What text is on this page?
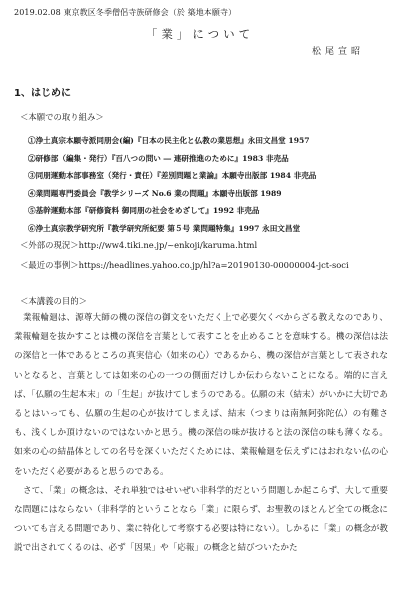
2019.02.08 東京教区冬季僧侶寺族研修会（於 築地本願寺）
「業」について
松尾宣昭
1、はじめに
＜本願での取り組み＞
①浄土真宗本願寺派同朋会(編)『日本の民主化と仏教の業思想』永田文昌堂 1957
②研修部（編集・発行）『百八つの問い ― 連研推進のために』1983 非売品
③同朋運動本部事務室（発行・責任）『差別問題と業論』本願寺出版部 1984 非売品
④業問題専門委員会『教学シリーズ No.6 業の問題』本願寺出版部 1989
⑤基幹運動本部『研修資料 御同朋の社会をめざして』1992 非売品
⑥浄土真宗教学研究所『教学研究所紀要 第５号 業問題特集』1997 永田文昌堂
＜外部の現況＞http://ww4.tiki.ne.jp/~enkoji/karuma.html
＜最近の事例＞https://headlines.yahoo.co.jp/hl?a=20190130-00000004-jct-soci
＜本講義の目的＞

業報輪廻は、源尊大師の機の深信の御文をいただく上で必要欠くべからざる教えなのであり、業報輪廻を抜かすことは機の深信を言葉として表すことを止めることを意味する。機の深信は法の深信と一体であるところの真実信心（如来の心）であるから、機の深信が言葉として表されないとなると、言葉としては如来の心の一つの側面だけしか伝わらないことになる。端的に言えば、「仏願の生起本末」の「生起」が抜けてしまうのである。仏願の末（結末）がいかに大切であるとはいっても、仏願の生起の心が抜けてしまえば、結末（つまりは南無阿弥陀仏）の有難さも、浅くしか頂けないのではないかと思う。機の深信の味が抜けると法の深信の味も薄くなる。如来の心の結晶体としての名号を深くいただくためには、業報輪廻を伝えずにはおれない仏の心をいただく必要があると思うのである。

さて、「業」の概念は、それ単独ではせいぜい非科学的だという問題しか起こらず、大して重要な問題にはならない（非科学的ということなら「業」に限らず、お聖教のほとんど全ての概念についても言える問題であり、業に特化して考察する必要は特にない）。しかるに「業」の概念が教説で出されてくるのは、必ず「因果」や「応報」の概念と結びついたかた
